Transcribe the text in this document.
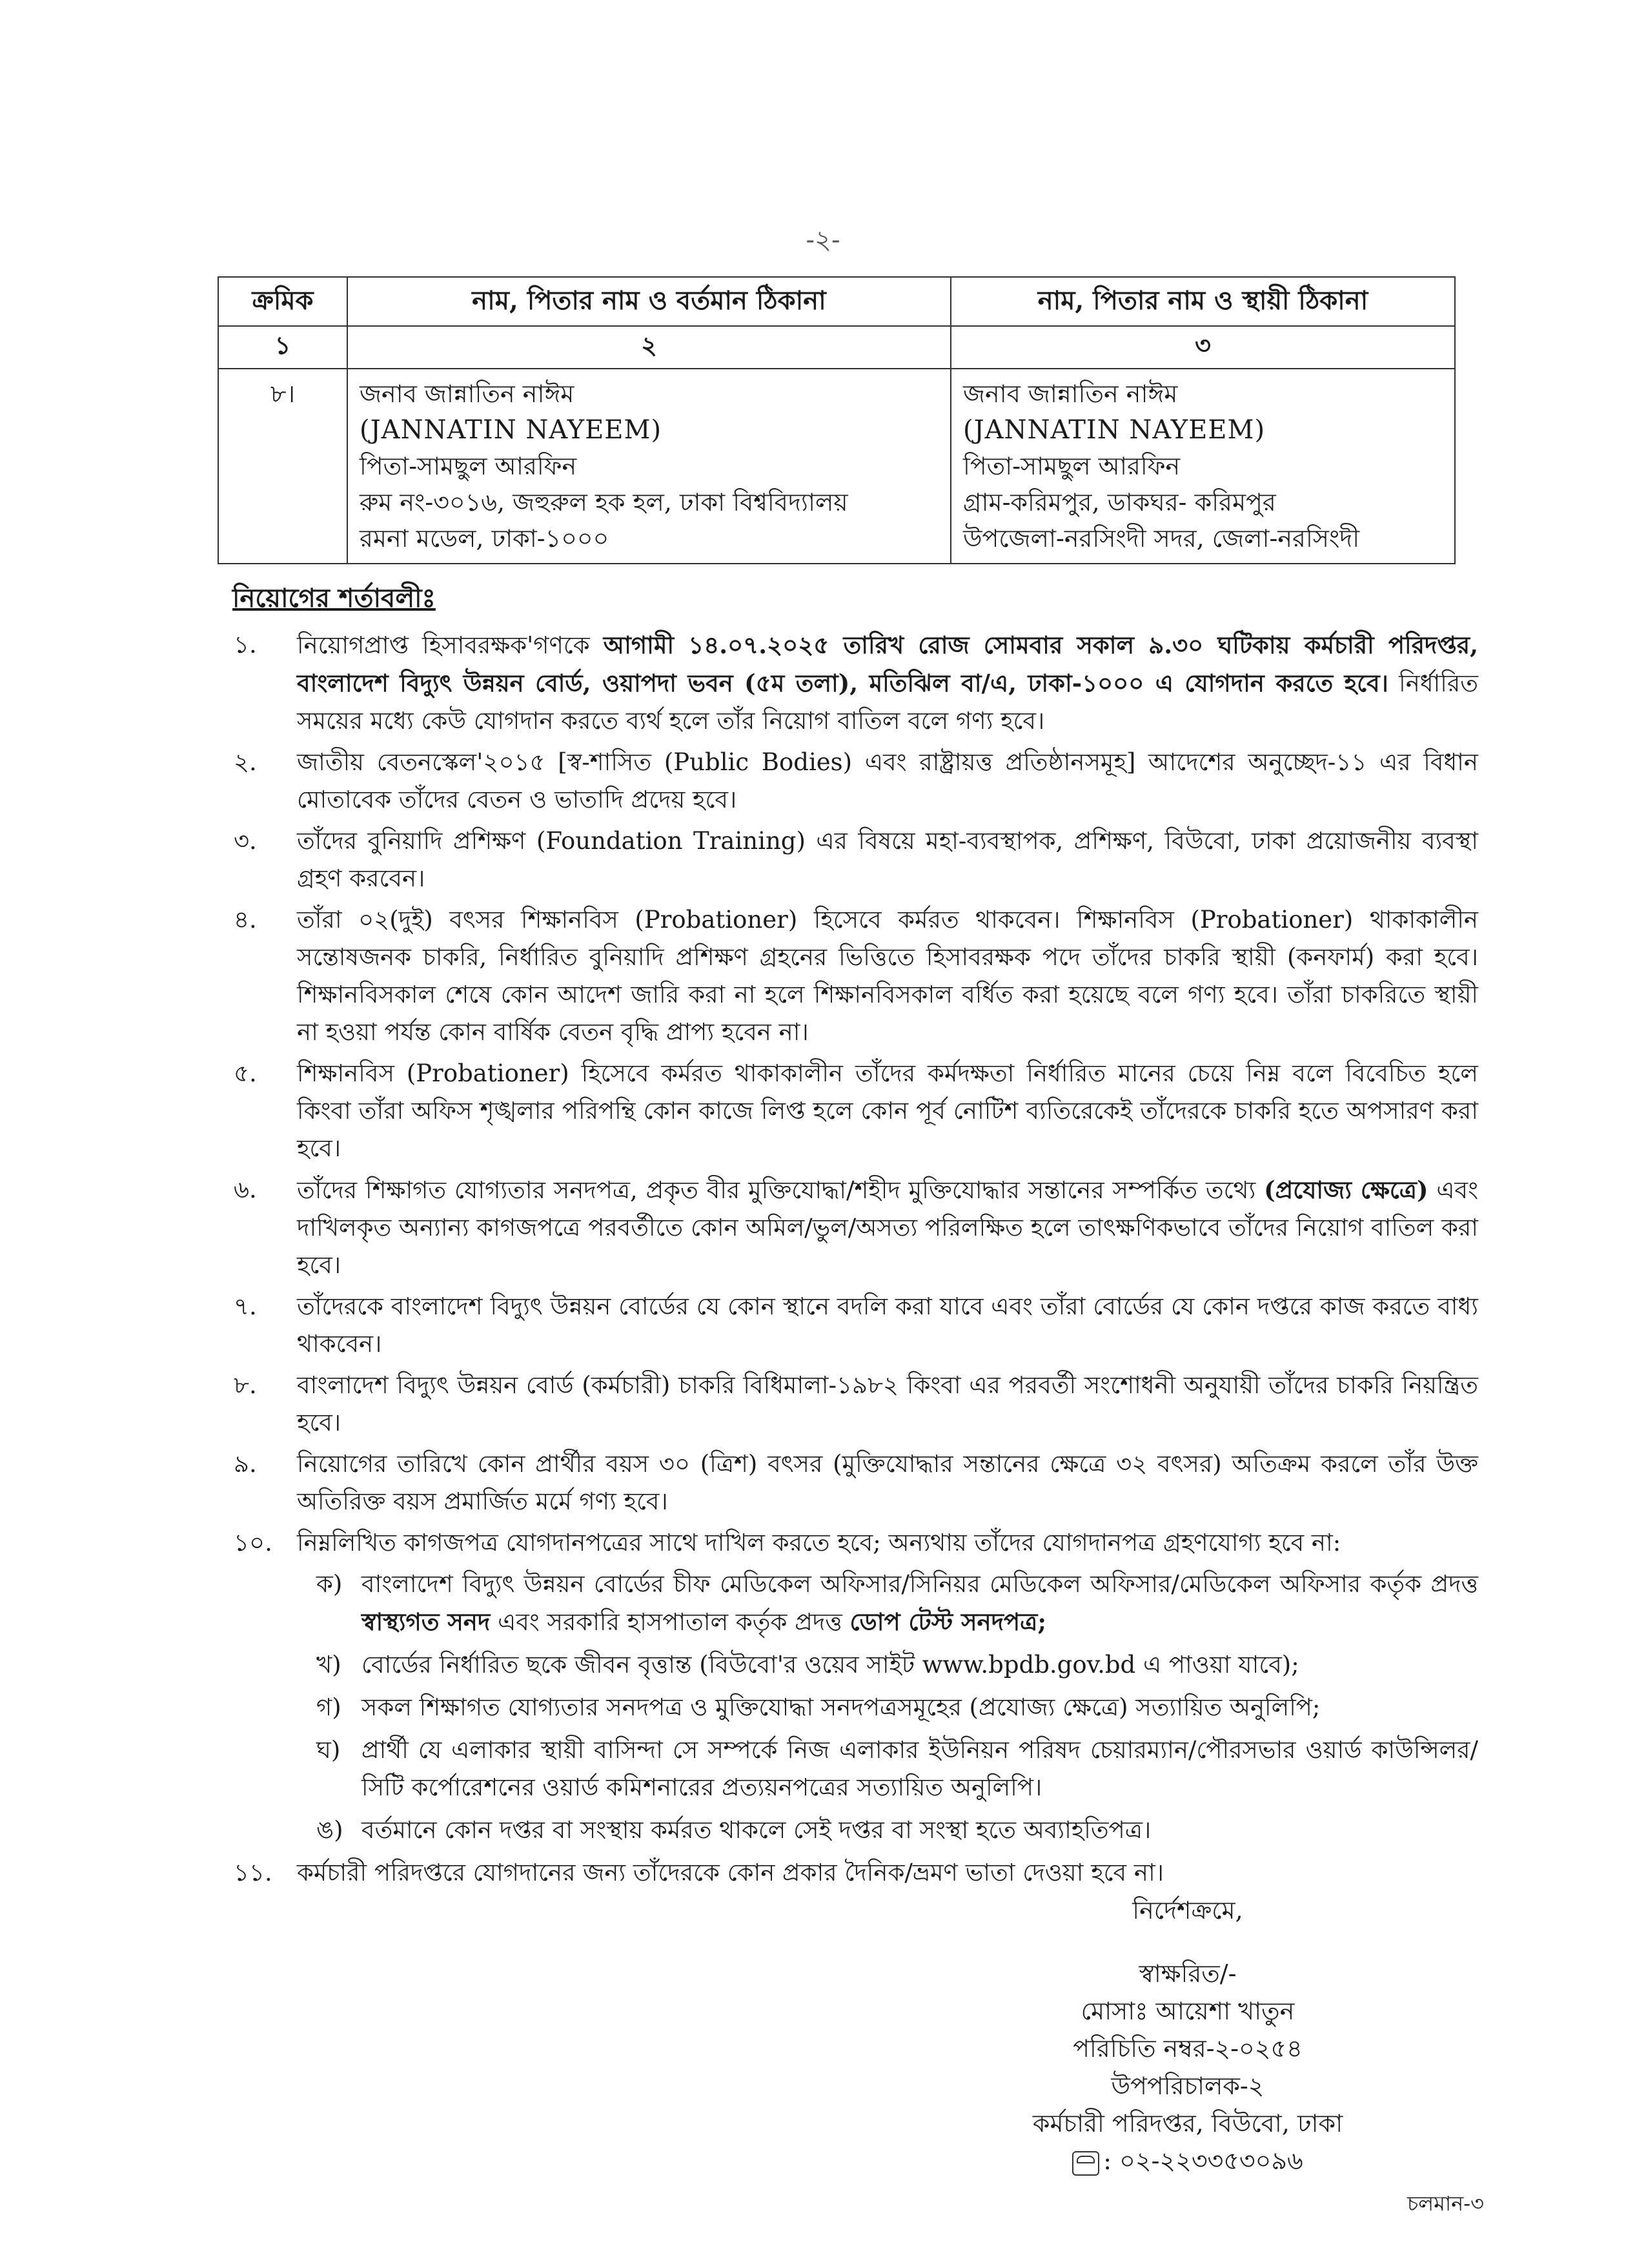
-২-
ক্রমিক	নাম, পিতার নাম ও বর্তমান ঠিকানা	নাম, পিতার নাম ও স্থায়ী ঠিকানা
১	২	৩
৮।	জনাব জান্নাতিন নাঈম
(JANNATIN NAYEEM)
পিতা-সামছুল আরফিন
রুম নং-৩০১৬, জহুরুল হক হল, ঢাকা বিশ্ববিদ্যালয়
রমনা মডেল, ঢাকা-১০০০	জনাব জান্নাতিন নাঈম
(JANNATIN NAYEEM)
পিতা-সামছুল আরফিন
গ্রাম-করিমপুর, ডাকঘর- করিমপুর
উপজেলা-নরসিংদী সদর, জেলা-নরসিংদী
নিয়োগের শর্তাবলীঃ
১. নিয়োগপ্রাপ্ত হিসাবরক্ষক'গণকে আগামী ১৪.০৭.২০২৫ তারিখ রোজ সোমবার সকাল ৯.৩০ ঘটিকায় কর্মচারী পরিদপ্তর, বাংলাদেশ বিদ্যুৎ উন্নয়ন বোর্ড, ওয়াপদা ভবন (৫ম তলা), মতিঝিল বা/এ, ঢাকা-১০০০ এ যোগদান করতে হবে। নির্ধারিত সময়ের মধ্যে কেউ যোগদান করতে ব্যর্থ হলে তাঁর নিয়োগ বাতিল বলে গণ্য হবে।
২. জাতীয় বেতনস্কেল'২০১৫ [স্ব-শাসিত (Public Bodies) এবং রাষ্ট্রায়ত্ত প্রতিষ্ঠানসমূহ] আদেশের অনুচ্ছেদ-১১ এর বিধান মোতাবেক তাঁদের বেতন ও ভাতাদি প্রদেয় হবে।
৩. তাঁদের বুনিয়াদি প্রশিক্ষণ (Foundation Training) এর বিষয়ে মহা-ব্যবস্থাপক, প্রশিক্ষণ, বিউবো, ঢাকা প্রয়োজনীয় ব্যবস্থা গ্রহণ করবেন।
৪. তাঁরা ০২(দুই) বৎসর শিক্ষানবিস (Probationer) হিসেবে কর্মরত থাকবেন। শিক্ষানবিস (Probationer) থাকাকালীন সন্তোষজনক চাকরি, নির্ধারিত বুনিয়াদি প্রশিক্ষণ গ্রহনের ভিত্তিতে হিসাবরক্ষক পদে তাঁদের চাকরি স্থায়ী (কনফার্ম) করা হবে। শিক্ষানবিসকাল শেষে কোন আদেশ জারি করা না হলে শিক্ষানবিসকাল বর্ধিত করা হয়েছে বলে গণ্য হবে। তাঁরা চাকরিতে স্থায়ী না হওয়া পর্যন্ত কোন বার্ষিক বেতন বৃদ্ধি প্রাপ্য হবেন না।
৫. শিক্ষানবিস (Probationer) হিসেবে কর্মরত থাকাকালীন তাঁদের কর্মদক্ষতা নির্ধারিত মানের চেয়ে নিম্ন বলে বিবেচিত হলে কিংবা তাঁরা অফিস শৃঙ্খলার পরিপন্থি কোন কাজে লিপ্ত হলে কোন পূর্ব নোটিশ ব্যতিরেকেই তাঁদেরকে চাকরি হতে অপসারণ করা হবে।
৬. তাঁদের শিক্ষাগত যোগ্যতার সনদপত্র, প্রকৃত বীর মুক্তিযোদ্ধা/শহীদ মুক্তিযোদ্ধার সন্তানের সম্পর্কিত তথ্যে (প্রযোজ্য ক্ষেত্রে) এবং দাখিলকৃত অন্যান্য কাগজপত্রে পরবর্তীতে কোন অমিল/ভুল/অসত্য পরিলক্ষিত হলে তাৎক্ষণিকভাবে তাঁদের নিয়োগ বাতিল করা হবে।
৭. তাঁদেরকে বাংলাদেশ বিদ্যুৎ উন্নয়ন বোর্ডের যে কোন স্থানে বদলি করা যাবে এবং তাঁরা বোর্ডের যে কোন দপ্তরে কাজ করতে বাধ্য থাকবেন।
৮. বাংলাদেশ বিদ্যুৎ উন্নয়ন বোর্ড (কর্মচারী) চাকরি বিধিমালা-১৯৮২ কিংবা এর পরবর্তী সংশোধনী অনুযায়ী তাঁদের চাকরি নিয়ন্ত্রিত হবে।
৯. নিয়োগের তারিখে কোন প্রার্থীর বয়স ৩০ (ত্রিশ) বৎসর (মুক্তিযোদ্ধার সন্তানের ক্ষেত্রে ৩২ বৎসর) অতিক্রম করলে তাঁর উক্ত অতিরিক্ত বয়স প্রমার্জিত মর্মে গণ্য হবে।
১০. নিম্নলিখিত কাগজপত্র যোগদানপত্রের সাথে দাখিল করতে হবে; অন্যথায় তাঁদের যোগদানপত্র গ্রহণযোগ্য হবে না:
ক) বাংলাদেশ বিদ্যুৎ উন্নয়ন বোর্ডের চীফ মেডিকেল অফিসার/সিনিয়র মেডিকেল অফিসার/মেডিকেল অফিসার কর্তৃক প্রদত্ত স্বাস্থ্যগত সনদ এবং সরকারি হাসপাতাল কর্তৃক প্রদত্ত ডোপ টেস্ট সনদপত্র;
খ) বোর্ডের নির্ধারিত ছকে জীবন বৃত্তান্ত (বিউবো'র ওয়েব সাইট www.bpdb.gov.bd এ পাওয়া যাবে);
গ) সকল শিক্ষাগত যোগ্যতার সনদপত্র ও মুক্তিযোদ্ধা সনদপত্রসমূহের (প্রযোজ্য ক্ষেত্রে) সত্যায়িত অনুলিপি;
ঘ) প্রার্থী যে এলাকার স্থায়ী বাসিন্দা সে সম্পর্কে নিজ এলাকার ইউনিয়ন পরিষদ চেয়ারম্যান/পৌরসভার ওয়ার্ড কাউন্সিলর/সিটি কর্পোরেশনের ওয়ার্ড কমিশনারের প্রত্যয়নপত্রের সত্যায়িত অনুলিপি।
ঙ) বর্তমানে কোন দপ্তর বা সংস্থায় কর্মরত থাকলে সেই দপ্তর বা সংস্থা হতে অব্যাহতিপত্র।
১১. কর্মচারী পরিদপ্তরে যোগদানের জন্য তাঁদেরকে কোন প্রকার দৈনিক/ভ্রমণ ভাতা দেওয়া হবে না।
নির্দেশক্রমে,
স্বাক্ষরিত/-
মোসাঃ আয়েশা খাতুন
পরিচিতি নম্বর-২-০২৫৪
উপপরিচালক-২
কর্মচারী পরিদপ্তর, বিউবো, ঢাকা
: ০২-২২৩৩৫৩০৯৬
চলমান-৩
